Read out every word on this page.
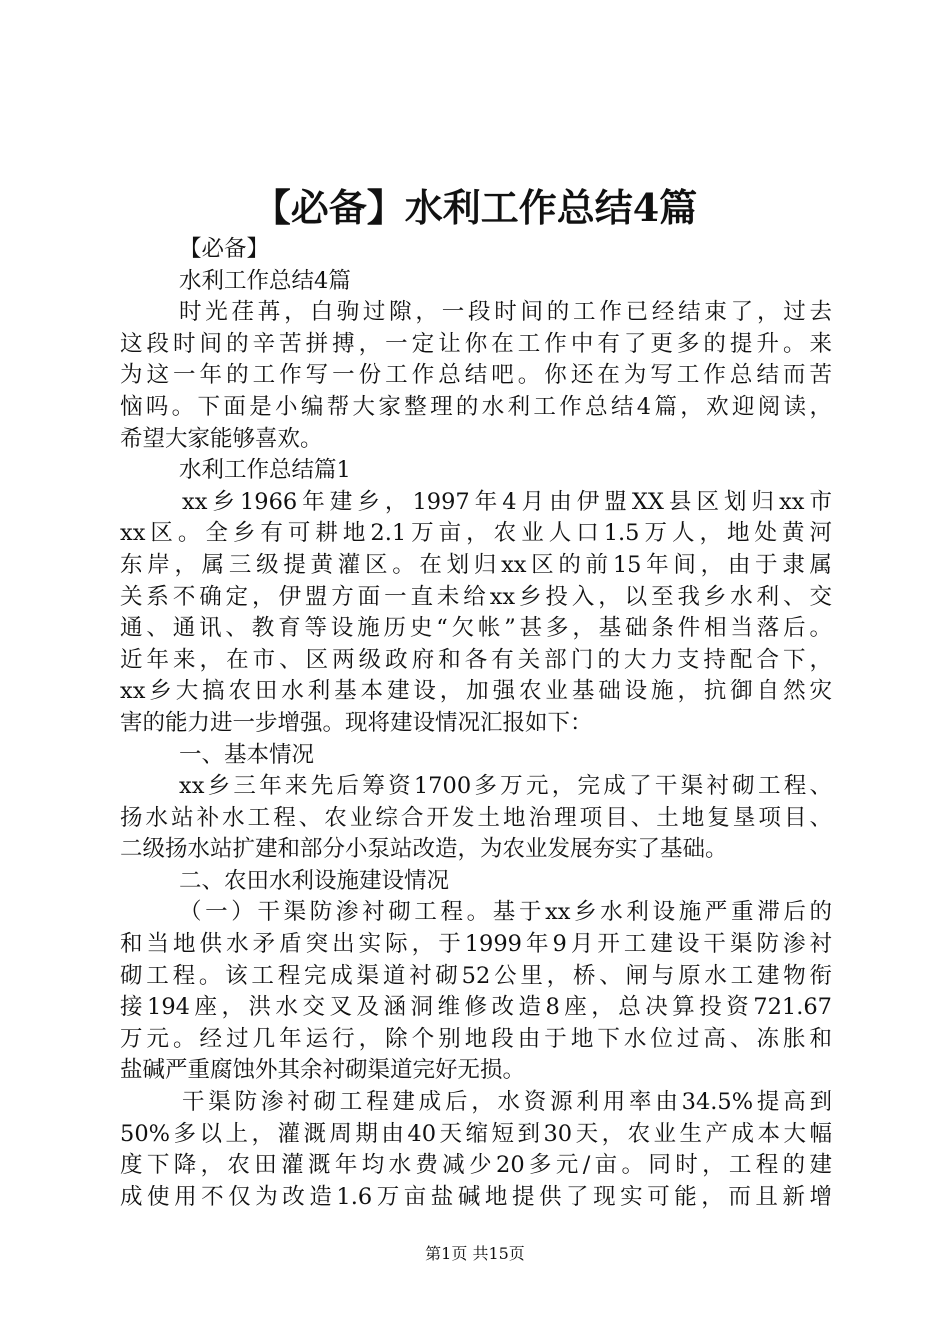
【必备】水利工作总结4篇
【必备】
水利工作总结4篇
时光荏苒，白驹过隙，一段时间的工作已经结束了，过去
这段时间的辛苦拼搏，一定让你在工作中有了更多的提升。来
为这一年的工作写一份工作总结吧。你还在为写工作总结而苦
恼吗。下面是小编帮大家整理的水利工作总结4篇，欢迎阅读，
希望大家能够喜欢。
水利工作总结篇1
xx乡1966年建乡，1997年4月由伊盟XX县区划归xx市
xx区。全乡有可耕地2.1万亩，农业人口1.5万人，地处黄河
东岸，属三级提黄灌区。在划归xx区的前15年间，由于隶属
关系不确定，伊盟方面一直未给xx乡投入，以至我乡水利、交
通、通讯、教育等设施历史“欠帐”甚多，基础条件相当落后。
近年来，在市、区两级政府和各有关部门的大力支持配合下，
xx乡大搞农田水利基本建设，加强农业基础设施，抗御自然灾
害的能力进一步增强。现将建设情况汇报如下：
一、基本情况
xx乡三年来先后筹资1700多万元，完成了干渠衬砌工程、
扬水站补水工程、农业综合开发土地治理项目、土地复垦项目、
二级扬水站扩建和部分小泵站改造，为农业发展夯实了基础。
二、农田水利设施建设情况
（一）干渠防渗衬砌工程。基于xx乡水利设施严重滞后的
和当地供水矛盾突出实际，于1999年9月开工建设干渠防渗衬
砌工程。该工程完成渠道衬砌52公里，桥、闸与原水工建物衔
接194座，洪水交叉及涵洞维修改造8座，总决算投资721.67
万元。经过几年运行，除个别地段由于地下水位过高、冻胀和
盐碱严重腐蚀外其余衬砌渠道完好无损。
干渠防渗衬砌工程建成后，水资源利用率由34.5%提高到
50%多以上，灌溉周期由40天缩短到30天，农业生产成本大幅
度下降，农田灌溉年均水费减少20多元/亩。同时，工程的建
成使用不仅为改造1.6万亩盐碱地提供了现实可能，而且新增
第1页 共15页
